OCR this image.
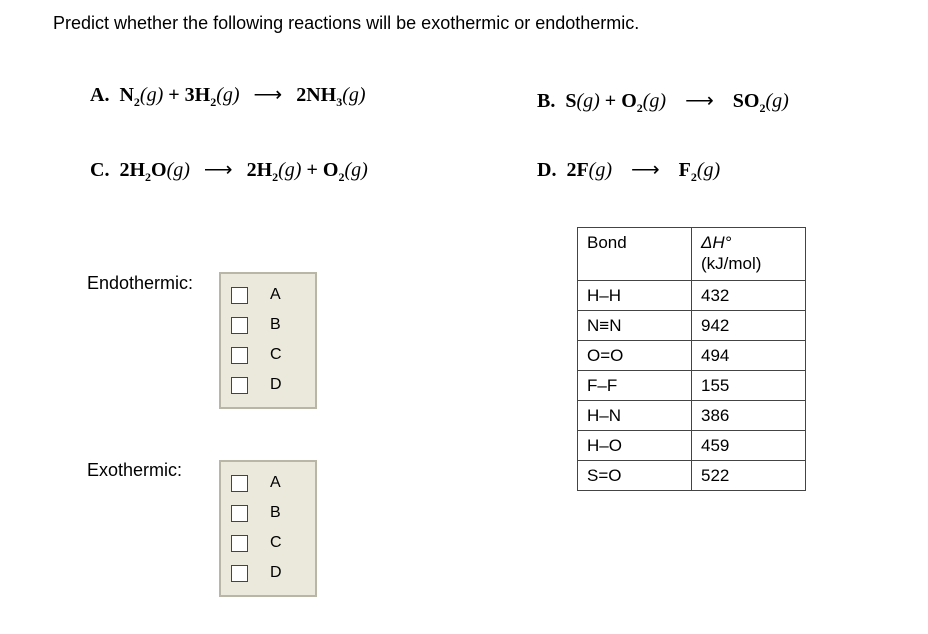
Predict whether the following reactions will be exothermic or endothermic.
A. $N_2(g) + 3H_2(g)$ ⟶ $2NH_3(g)$	B. $S(g) + O_2(g)$ ⟶ $SO_2(g)$
C. $2H_2O(g)$ ⟶ $2H_2(g) + O_2(g)$	D. 2F(g) ⟶ $F_2(g)$
Endothermic:
A
B
C
D
Exothermic:
A
B
C
D
Bond	ΔH°
(kJ/mol)
H–H	432
N≡N	942
O=O	494
F–F	155
H–N	386
H–O	459
S=O	522
